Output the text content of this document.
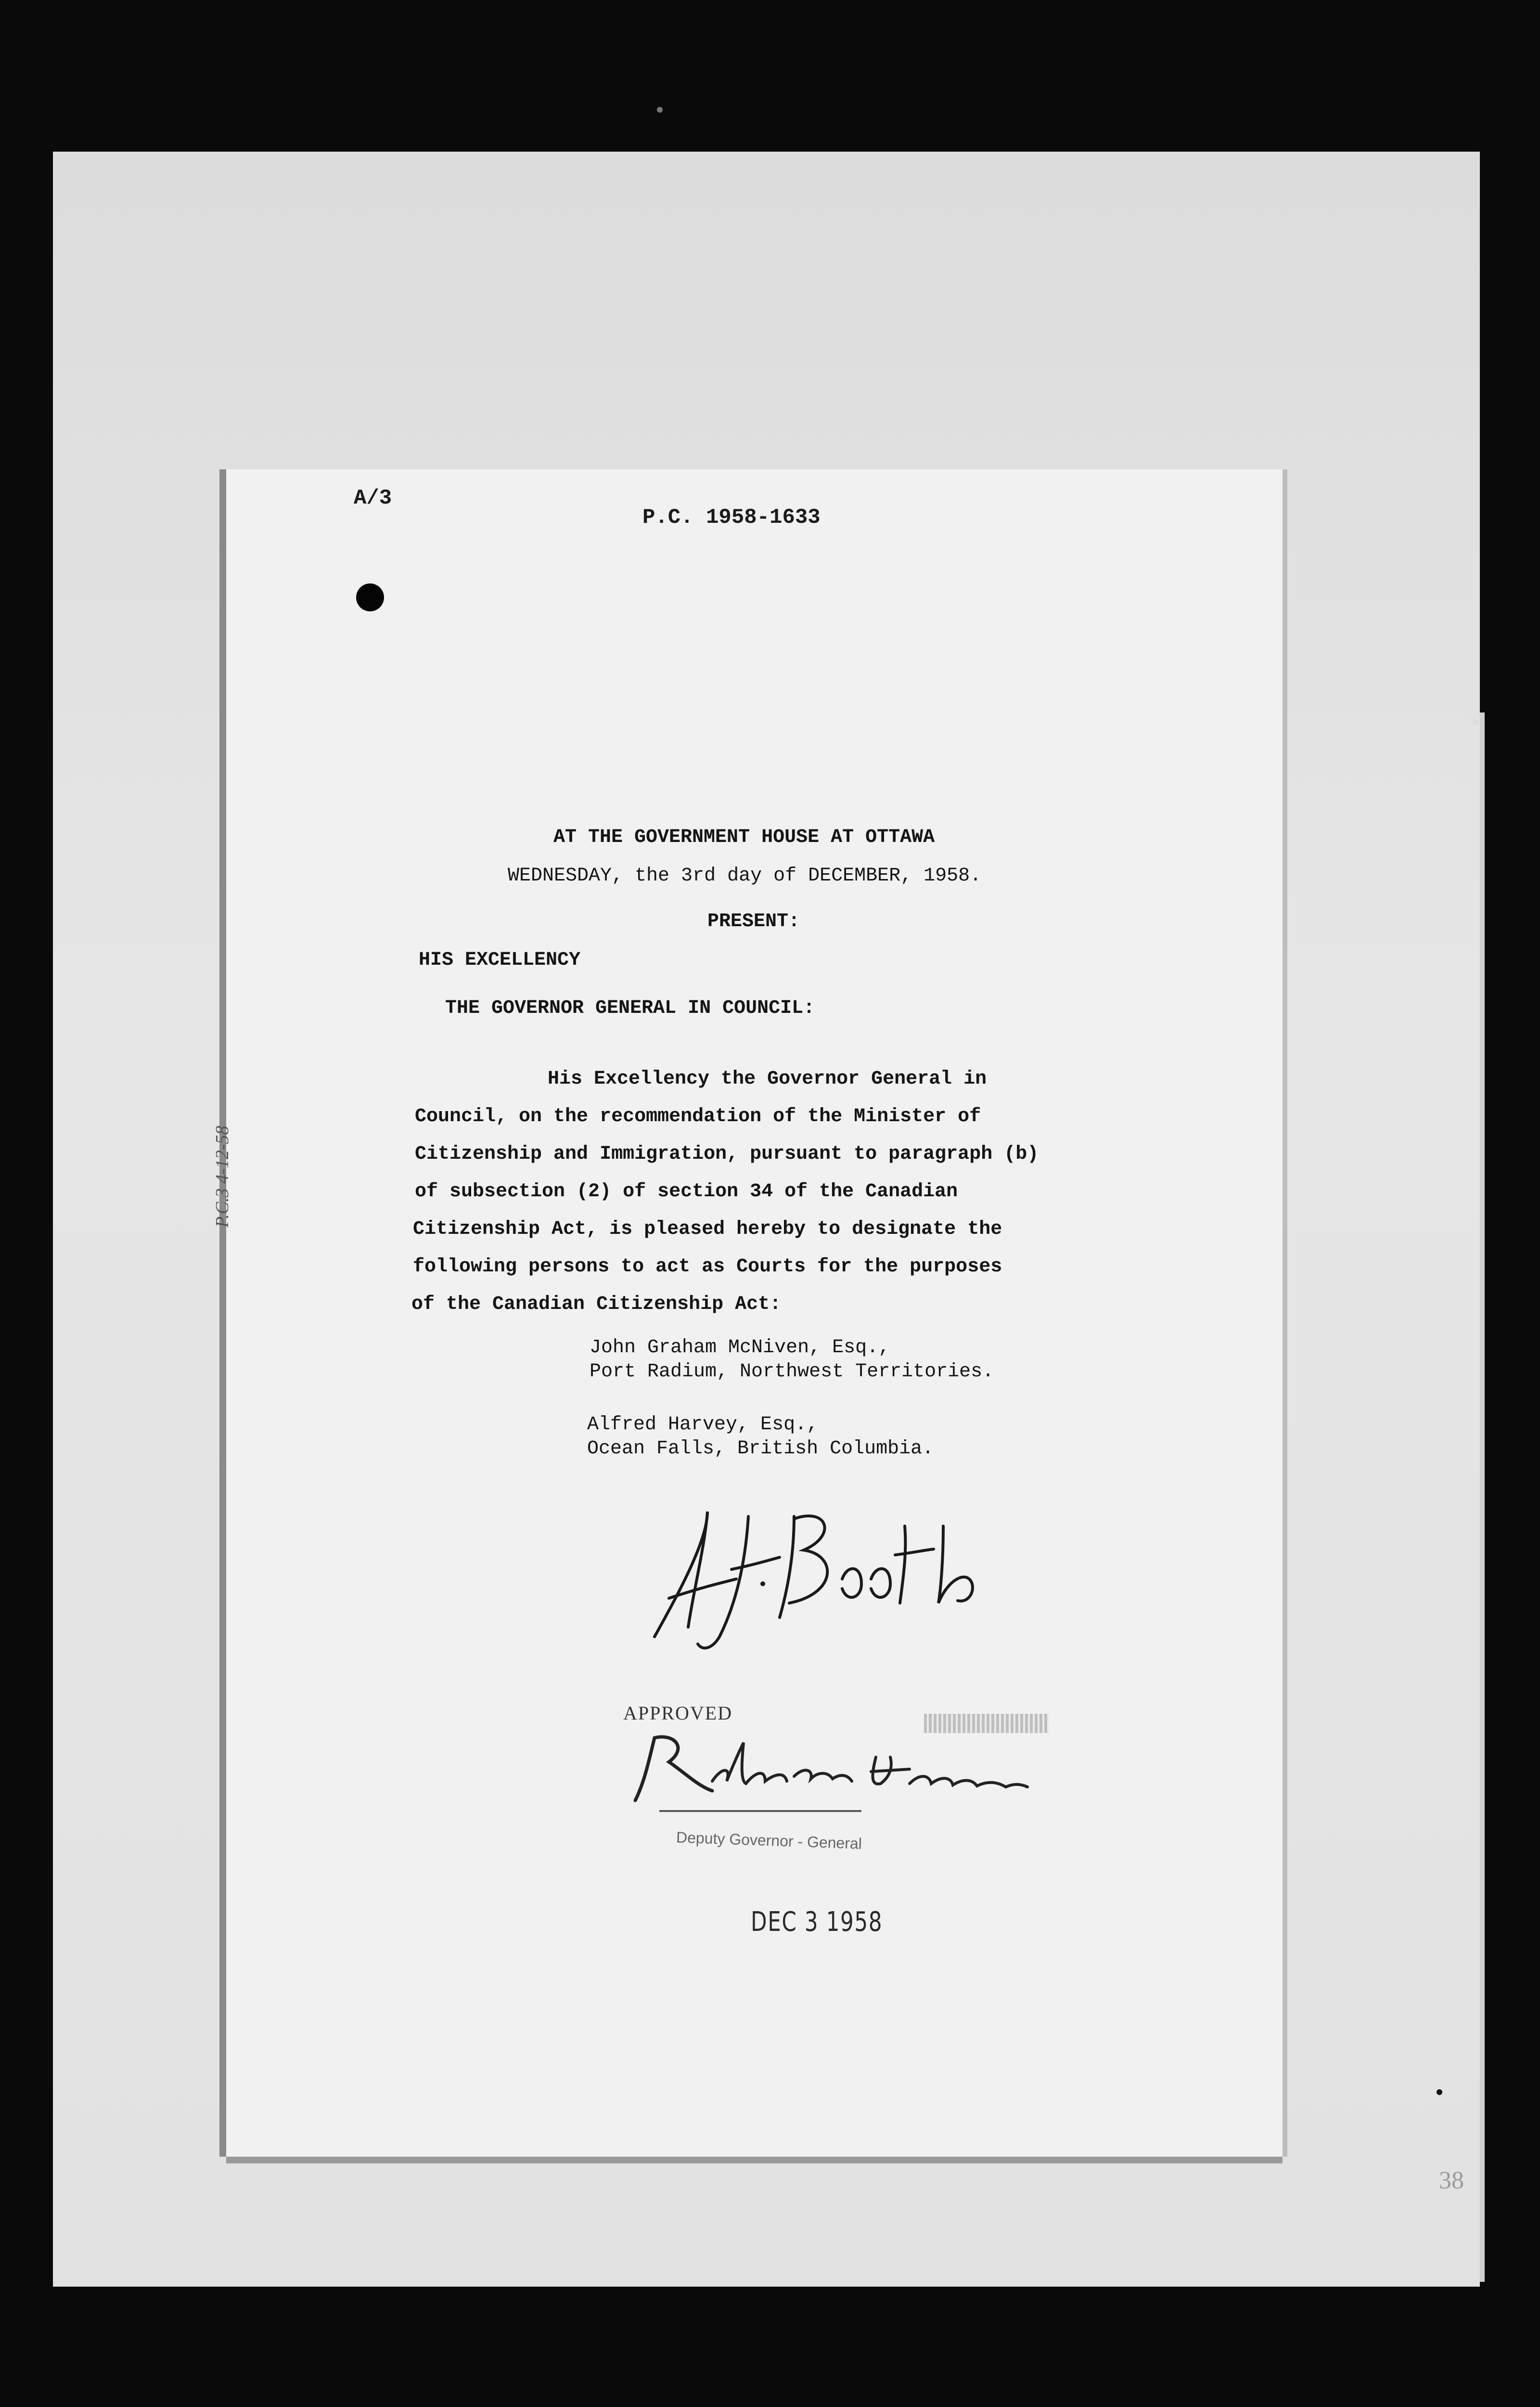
38
A/3
P.C. 1958-1633
AT THE GOVERNMENT HOUSE AT OTTAWA
WEDNESDAY, the 3rd day of DECEMBER, 1958.
PRESENT:
HIS EXCELLENCY
THE GOVERNOR GENERAL IN COUNCIL:
His Excellency the Governor General in
Council, on the recommendation of the Minister of
Citizenship and Immigration, pursuant to paragraph (b)
of subsection (2) of section 34 of the Canadian
Citizenship Act, is pleased hereby to designate the
following persons to act as Courts for the purposes
of the Canadian Citizenship Act:
John Graham McNiven, Esq.,
Port Radium, Northwest Territories.
Alfred Harvey, Esq.,
Ocean Falls, British Columbia.
P.C.3 4-12-58
APPROVED
Deputy Governor - General
DEC 3 1958
